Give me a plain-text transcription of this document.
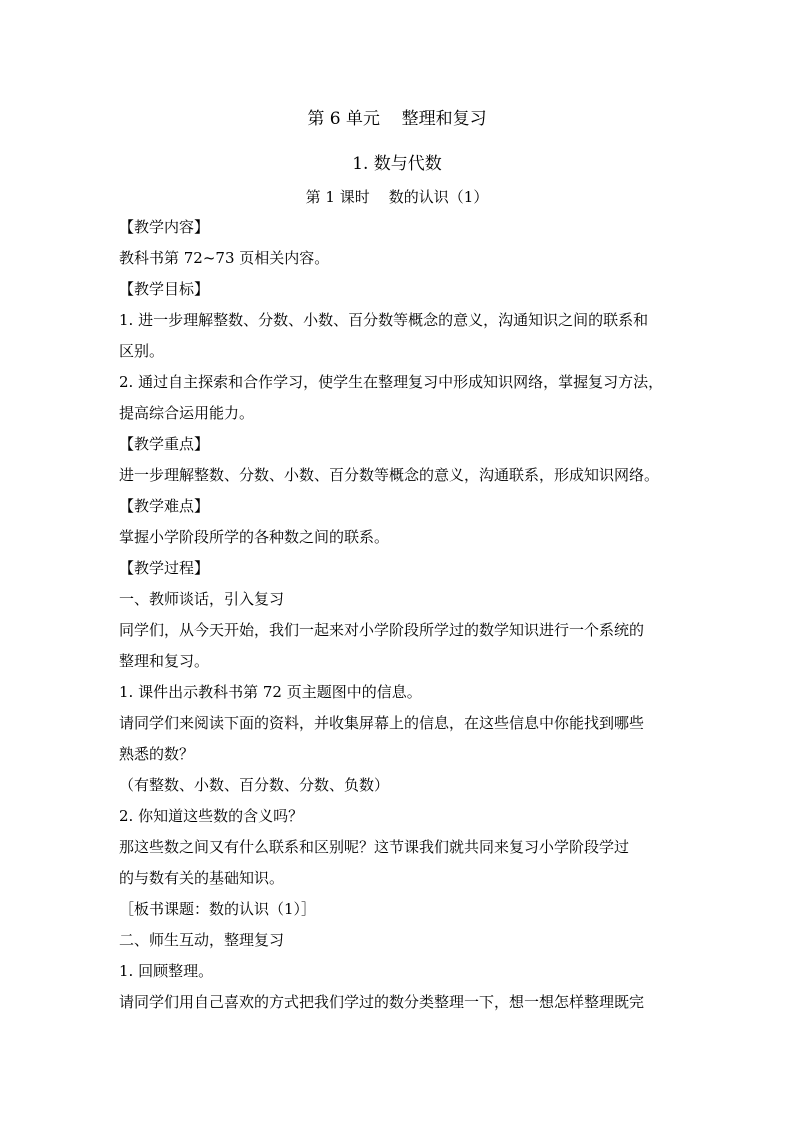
第 6 单元    整理和复习
1. 数与代数
第 1 课时    数的认识（1）
【教学内容】
教科书第 72~73 页相关内容。
【教学目标】
1. 进一步理解整数、分数、小数、百分数等概念的意义，沟通知识之间的联系和
区别。
2. 通过自主探索和合作学习，使学生在整理复习中形成知识网络，掌握复习方法，
提高综合运用能力。
【教学重点】
进一步理解整数、分数、小数、百分数等概念的意义，沟通联系，形成知识网络。
【教学难点】
掌握小学阶段所学的各种数之间的联系。
【教学过程】
一、教师谈话，引入复习
同学们，从今天开始，我们一起来对小学阶段所学过的数学知识进行一个系统的
整理和复习。
1. 课件出示教科书第 72 页主题图中的信息。
请同学们来阅读下面的资料，并收集屏幕上的信息，在这些信息中你能找到哪些
熟悉的数？
（有整数、小数、百分数、分数、负数）
2. 你知道这些数的含义吗？
那这些数之间又有什么联系和区别呢？这节课我们就共同来复习小学阶段学过
的与数有关的基础知识。
［板书课题：数的认识（1）］
二、师生互动，整理复习
1. 回顾整理。
请同学们用自己喜欢的方式把我们学过的数分类整理一下，想一想怎样整理既完
